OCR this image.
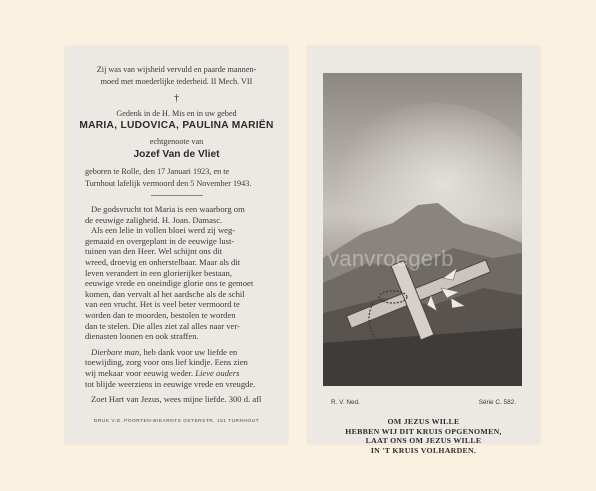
Zij was van wijsheid vervuld en paarde mannen-
moed met moederlijke tederheid. II Mech. VII
†
Gedenk in de H. Mis en in uw gebed
MARIA, LUDOVICA, PAULINA MARIËN
echtgenoote van
Jozef Van de Vliet
geboren te Rolle, den 17 Januari 1923, en te
Turnhout lafelijk vermoord den 5 November 1943.
De godsvrucht tot Maria is een waarborg om
de eeuwige zaligheid. H. Joan. Damasc.
Als een lelie in vollen bloei werd zij weg-
gemaaid en overgeplant in de eeuwige lust-
tuinen van den Heer. Wel schijnt ons dit
wreed, droevig en onherstelbaar. Maar als dit
leven verandert in een glorierijker bestaan,
eeuwige vrede en oneindige glorie ons te gemoet
komen, dan vervalt al het aardsche als de schil
van een vrucht. Het is veel beter vermoord te
worden dan te moorden, bestolen te worden
dan te stelen. Die alles ziet zal alles naar ver-
dienasten loonen en ook straffen.
Dierbare man, heb dank voor uw liefde en
toewijding, zorg voor ons lief kindje. Eens zien
wij mekaar voor eeuwig weder. Lieve ouders
tot blijde weerziens in eeuwige vrede en vreugde.
Zoet Hart van Jezus, wees mijne liefde. 300 d. afl
DRUK V.D. POORTEN-BIEARNTS OSTERSTR. 151 TURNHOUT
R. V. Ned.	Série C. 582.
OM JEZUS WILLE
HEBBEN WIJ DIT KRUIS OPGENOMEN,
LAAT ONS OM JEZUS WILLE
IN 'T KRUIS VOLHARDEN.
vanvroegerb
